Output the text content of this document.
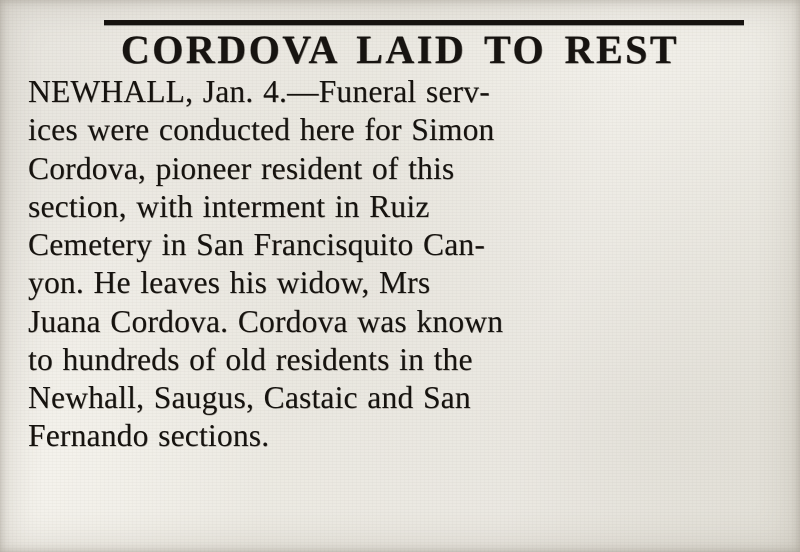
CORDOVA LAID TO REST
NEWHALL, Jan. 4.—Funeral serv-
ices were conducted here for Simon
Cordova, pioneer resident of this
section, with interment in Ruiz
Cemetery in San Francisquito Can-
yon. He leaves his widow, Mrs
Juana Cordova. Cordova was known
to hundreds of old residents in the
Newhall, Saugus, Castaic and San
Fernando sections.
